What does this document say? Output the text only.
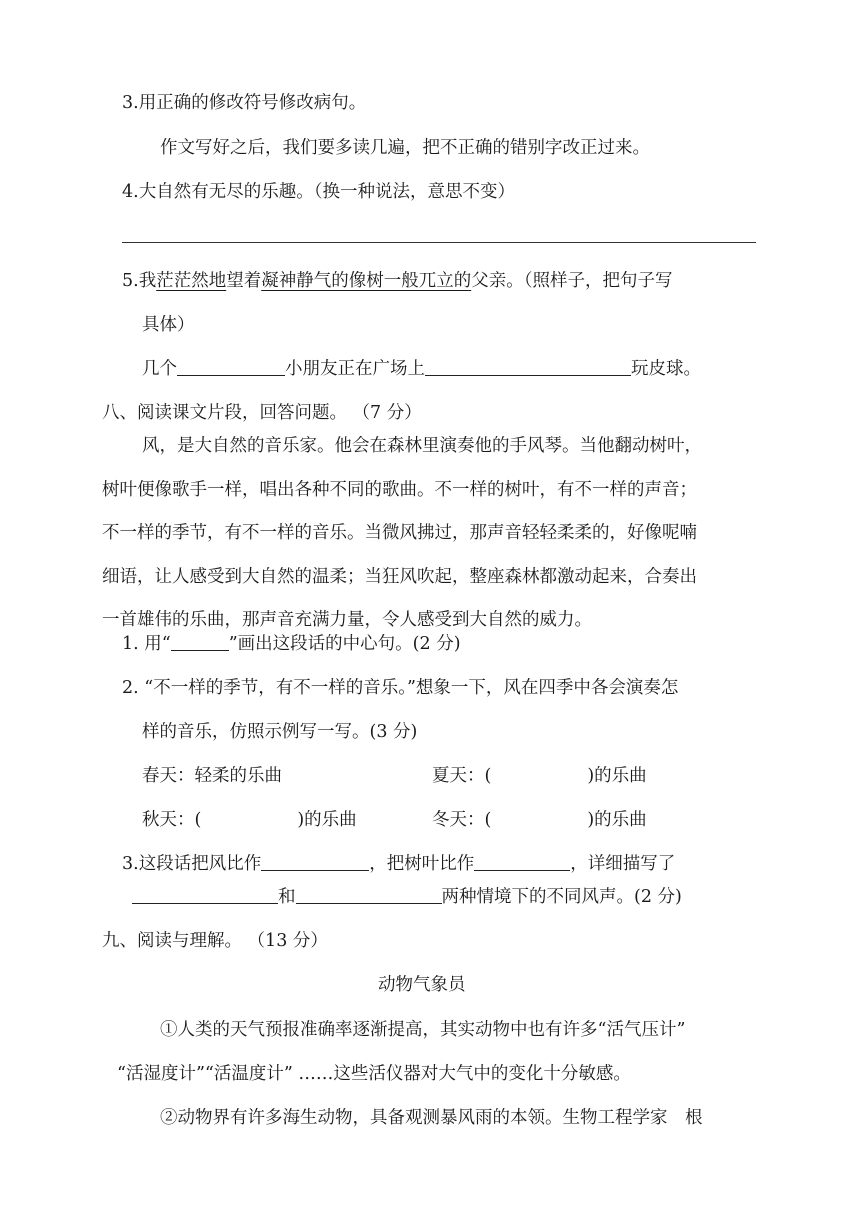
3.用正确的修改符号修改病句。
作文写好之后，我们要多读几遍，把不正确的错别字改正过来。
4.大自然有无尽的乐趣。（换一种说法，意思不变）
5.我茫茫然地望着凝神静气的像树一般兀立的父亲。（照样子，把句子写
具体）
几个	小朋友正在广场上	玩皮球。
八、阅读课文片段，回答问题。 （7 分）
风，是大自然的音乐家。他会在森林里演奏他的手风琴。当他翻动树叶，
树叶便像歌手一样，唱出各种不同的歌曲。不一样的树叶，有不一样的声音；
不一样的季节，有不一样的音乐。当微风拂过，那声音轻轻柔柔的，好像呢喃
细语，让人感受到大自然的温柔；当狂风吹起，整座森林都激动起来，合奏出
一首雄伟的乐曲，那声音充满力量，令人感受到大自然的威力。
1. 用“	”画出这段话的中心句。(2 分)
2. “不一样的季节，有不一样的音乐。”想象一下，风在四季中各会演奏怎
样的音乐，仿照示例写一写。(3 分)
春天：轻柔的乐曲	夏天：(	)的乐曲
秋天：(	)的乐曲	冬天：(	)的乐曲
3.这段话把风比作	，把树叶比作	，详细描写了
和	两种情境下的不同风声。(2 分)
九、阅读与理解。 （13 分）
动物气象员
①人类的天气预报准确率逐渐提高，其实动物中也有许多“活气压计”
“活湿度计”“活温度计” ……这些活仪器对大气中的变化十分敏感。
②动物界有许多海生动物，具备观测暴风雨的本领。生物工程学家　根
